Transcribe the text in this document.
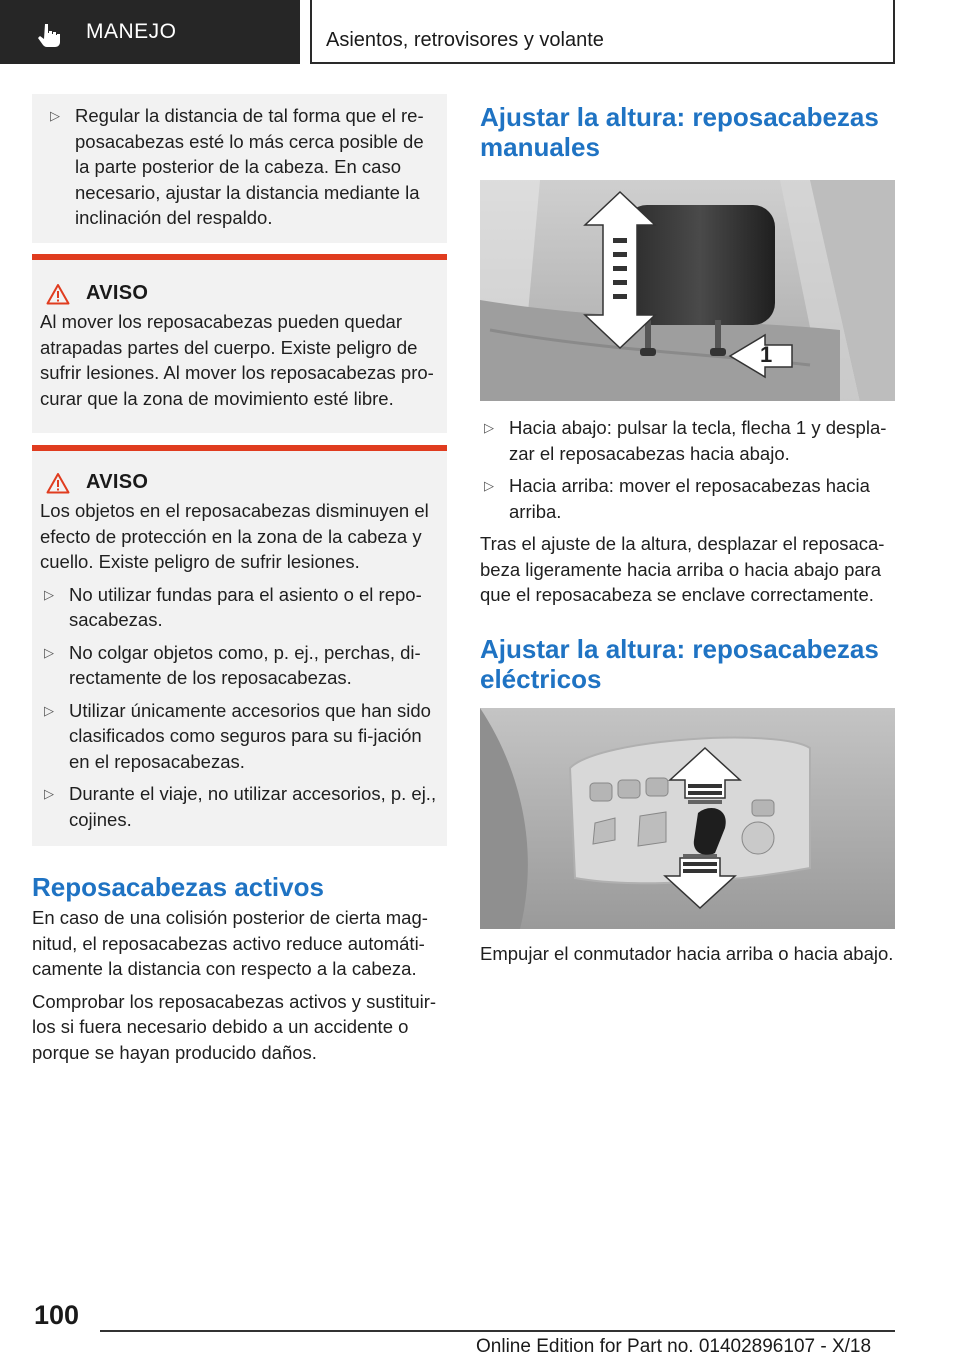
MANEJO	Asientos, retrovisores y volante
▷ Regular la distancia de tal forma que el re-posacabezas esté lo más cerca posible de la parte posterior de la cabeza. En caso necesario, ajustar la distancia mediante la inclinación del respaldo.
AVISO
Al mover los reposacabezas pueden quedar atrapadas partes del cuerpo. Existe peligro de sufrir lesiones. Al mover los reposacabezas pro-curar que la zona de movimiento esté libre.
AVISO
Los objetos en el reposacabezas disminuyen el efecto de protección en la zona de la cabeza y cuello. Existe peligro de sufrir lesiones.
▷ No utilizar fundas para el asiento o el repo-sacabezas.
▷ No colgar objetos como, p. ej., perchas, di-rectamente de los reposacabezas.
▷ Utilizar únicamente accesorios que han sido clasificados como seguros para su fi-jación en el reposacabezas.
▷ Durante el viaje, no utilizar accesorios, p. ej., cojines.
Reposacabezas activos
En caso de una colisión posterior de cierta mag-nitud, el reposacabezas activo reduce automáti-camente la distancia con respecto a la cabeza.
Comprobar los reposacabezas activos y sustituir-los si fuera necesario debido a un accidente o porque se hayan producido daños.
Ajustar la altura: reposacabezas manuales
1
▷ Hacia abajo: pulsar la tecla, flecha 1 y despla-zar el reposacabezas hacia abajo.
▷ Hacia arriba: mover el reposacabezas hacia arriba.
Tras el ajuste de la altura, desplazar el reposaca-beza ligeramente hacia arriba o hacia abajo para que el reposacabeza se enclave correctamente.
Ajustar la altura: reposacabezas eléctricos
Empujar el conmutador hacia arriba o hacia abajo.
100
Online Edition for Part no. 01402896107 - X/18
